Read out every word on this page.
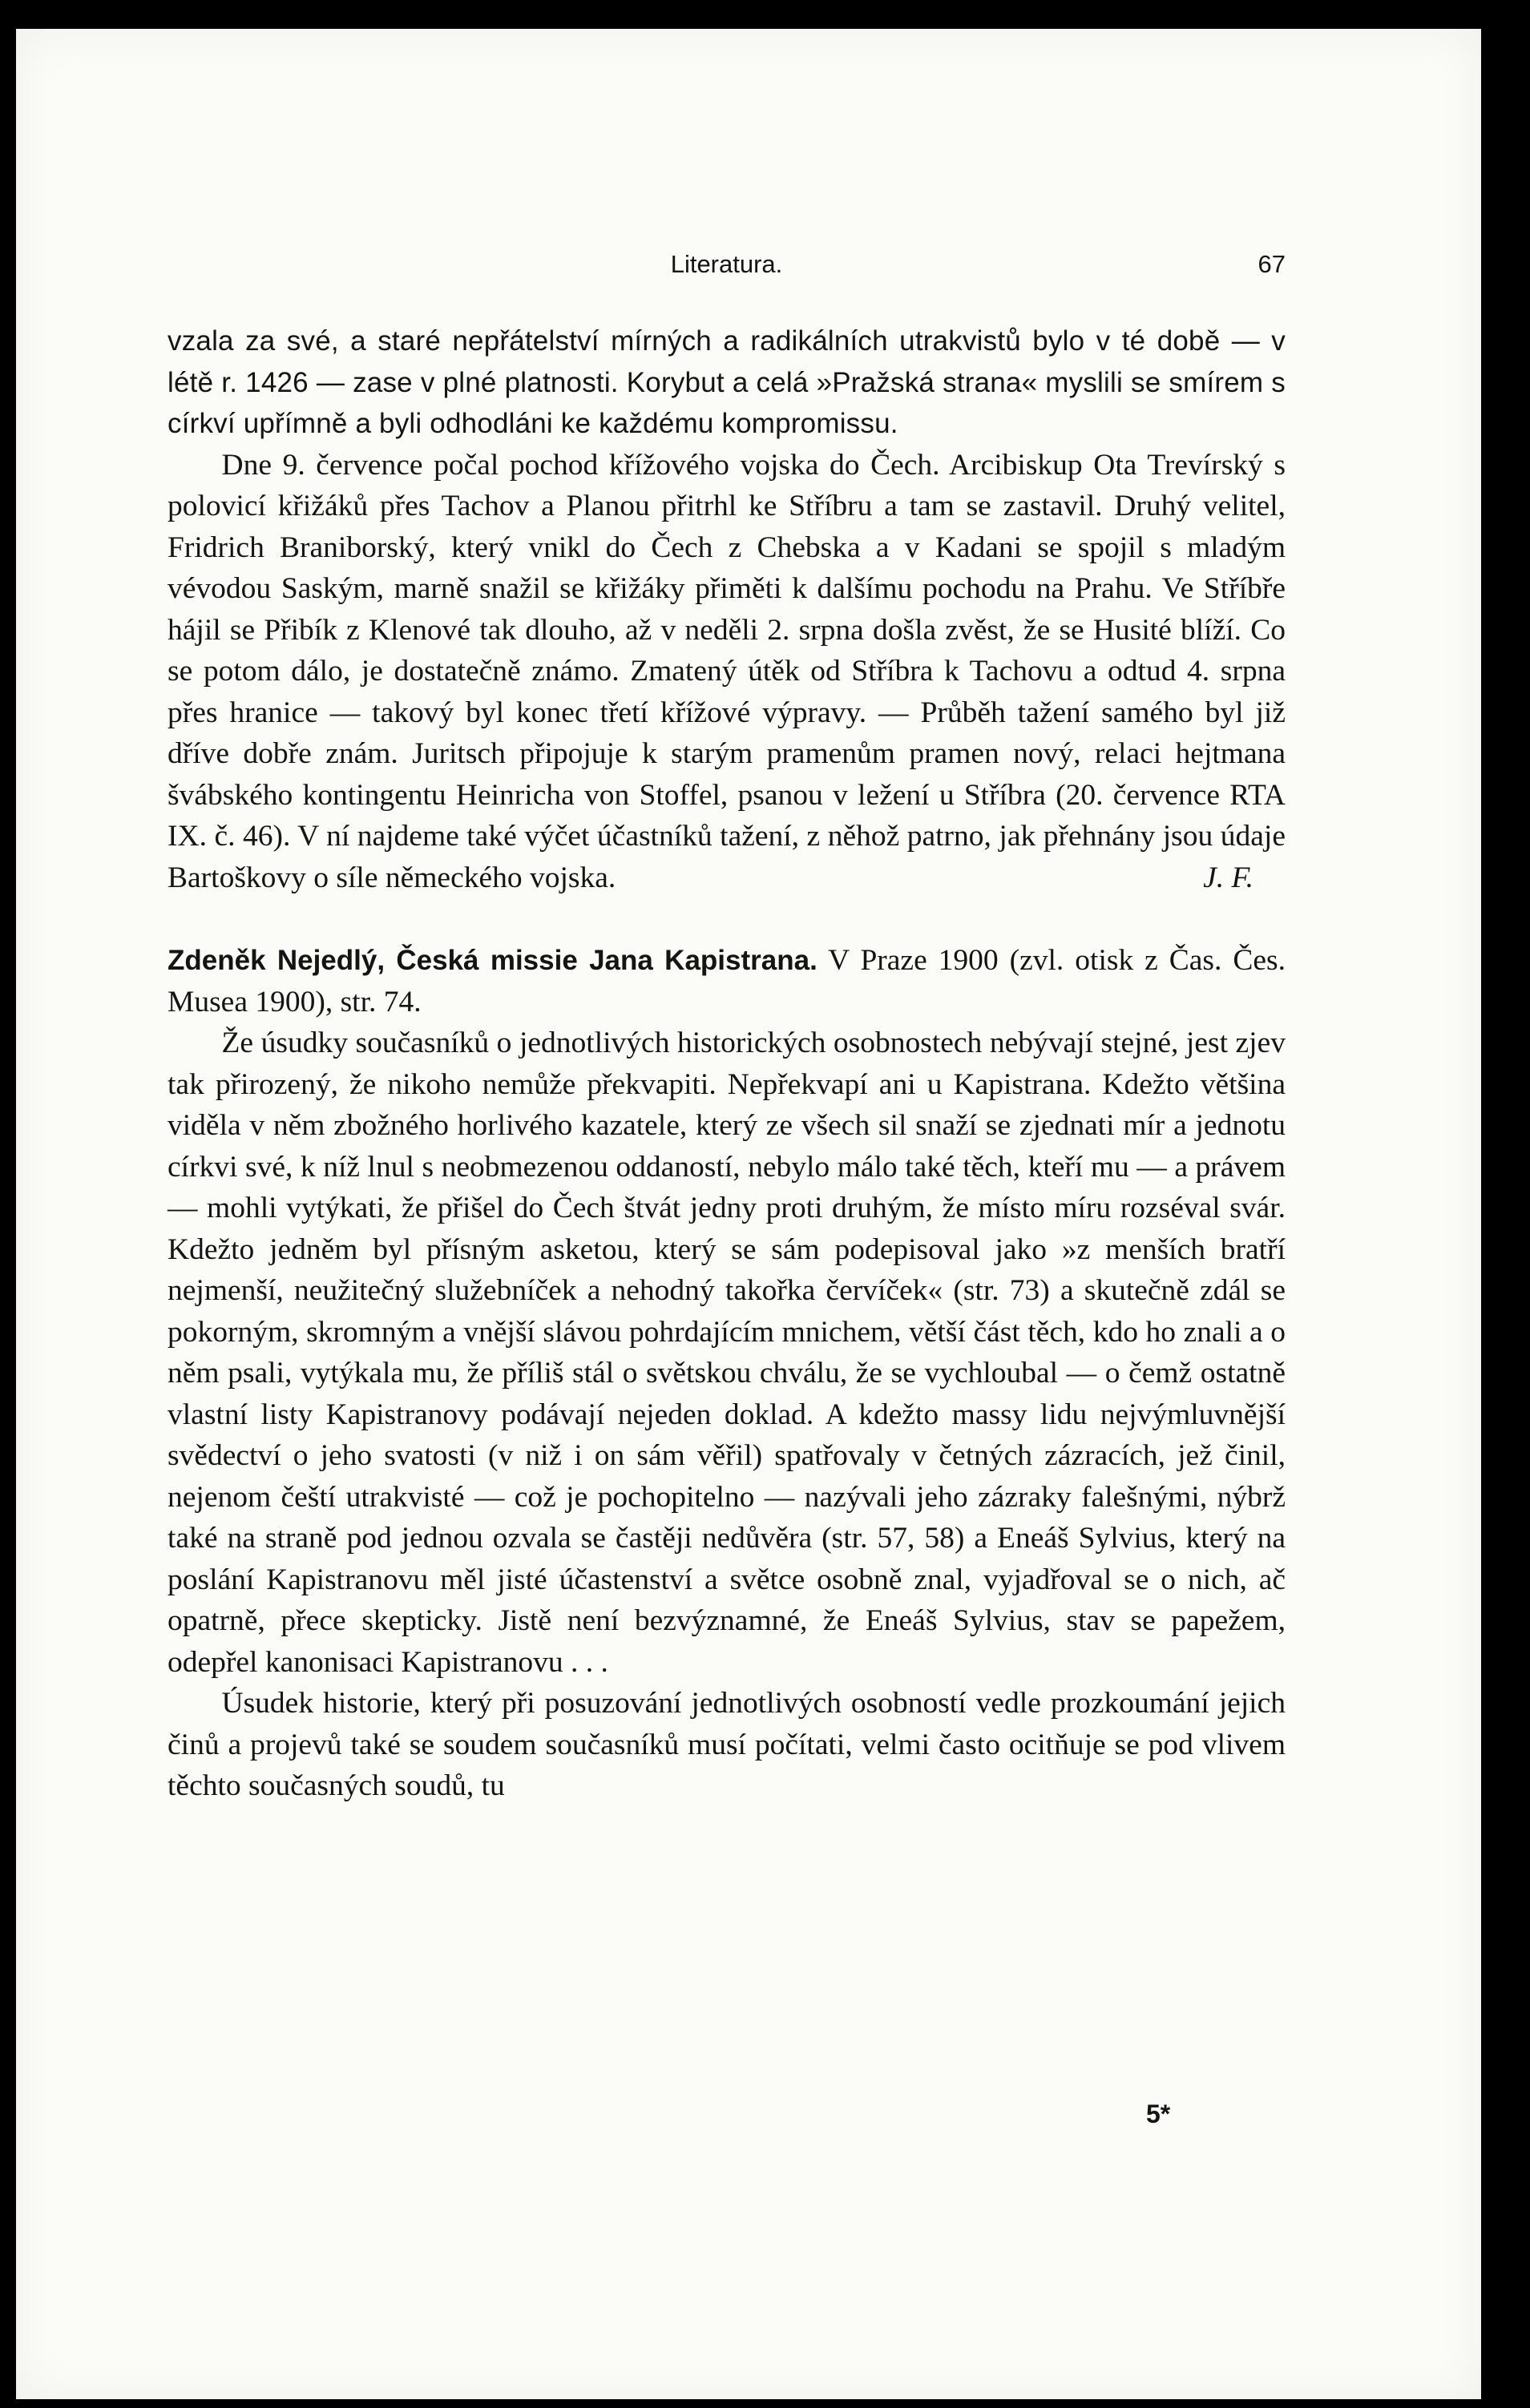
Literatura.	67

vzala za své, a staré nepřátelství mírných a radikálních utrakvistů bylo v té době — v létě r. 1426 — zase v plné platnosti. Korybut a celá »Pražská strana« myslili se smírem s církví upřímně a byli odhodláni ke každému kompromissu.

Dne 9. července počal pochod křížového vojska do Čech. Arcibiskup Ota Trevírský s polovicí křižáků přes Tachov a Planou přitrhl ke Stříbru a tam se zastavil. Druhý velitel, Fridrich Braniborský, který vnikl do Čech z Chebska a v Kadani se spojil s mladým vévodou Saským, marně snažil se křižáky přiměti k dalšímu pochodu na Prahu. Ve Stříbře hájil se Přibík z Klenové tak dlouho, až v neděli 2. srpna došla zvěst, že se Husité blíží. Co se potom dálo, je dostatečně známo. Zmatený útěk od Stříbra k Tachovu a odtud 4. srpna přes hranice — takový byl konec třetí křížové výpravy. — Průběh tažení samého byl již dříve dobře znám. Juritsch připojuje k starým pramenům pramen nový, relaci hejtmana švábského kontingentu Heinricha von Stoffel, psanou v ležení u Stříbra (20. července RTA IX. č. 46). V ní najdeme také výčet účastníků tažení, z něhož patrno, jak přehnány jsou údaje Bartoškovy o síle německého vojska.	J. F.

Zdeněk Nejedlý, Česká missie Jana Kapistrana. V Praze 1900 (zvl. otisk z Čas. Čes. Musea 1900), str. 74.

Že úsudky současníků o jednotlivých historických osobnostech nebývají stejné, jest zjev tak přirozený, že nikoho nemůže překvapiti. Nepřekvapí ani u Kapistrana. Kdežto většina viděla v něm zbožného horlivého kazatele, který ze všech sil snaží se zjednati mír a jednotu církvi své, k níž lnul s neobmezenou oddaností, nebylo málo také těch, kteří mu — a právem — mohli vytýkati, že přišel do Čech štvát jedny proti druhým, že místo míru rozséval svár. Kdežto jedněm byl přísným asketou, který se sám podepisoval jako »z menších bratří nejmenší, neužitečný služebníček a nehodný takořka červíček« (str. 73) a skutečně zdál se pokorným, skromným a vnější slávou pohrdajícím mnichem, větší část těch, kdo ho znali a o něm psali, vytýkala mu, že příliš stál o světskou chválu, že se vychloubal — o čemž ostatně vlastní listy Kapistranovy podávají nejeden doklad. A kdežto massy lidu nejvýmluvnější svědectví o jeho svatosti (v niž i on sám věřil) spatřovaly v četných zázracích, jež činil, nejenom čeští utrakvisté — což je pochopitelno — nazývali jeho zázraky falešnými, nýbrž také na straně pod jednou ozvala se častěji nedůvěra (str. 57, 58) a Eneáš Sylvius, který na poslání Kapistranovu měl jisté účastenství a světce osobně znal, vyjadřoval se o nich, ač opatrně, přece skepticky. Jistě není bezvýznamné, že Eneáš Sylvius, stav se papežem, odepřel kanonisaci Kapistranovu . . .

Úsudek historie, který při posuzování jednotlivých osobností vedle prozkoumání jejich činů a projevů také se soudem současníků musí počítati, velmi často ocitňuje se pod vlivem těchto současných soudů, tu

5*
